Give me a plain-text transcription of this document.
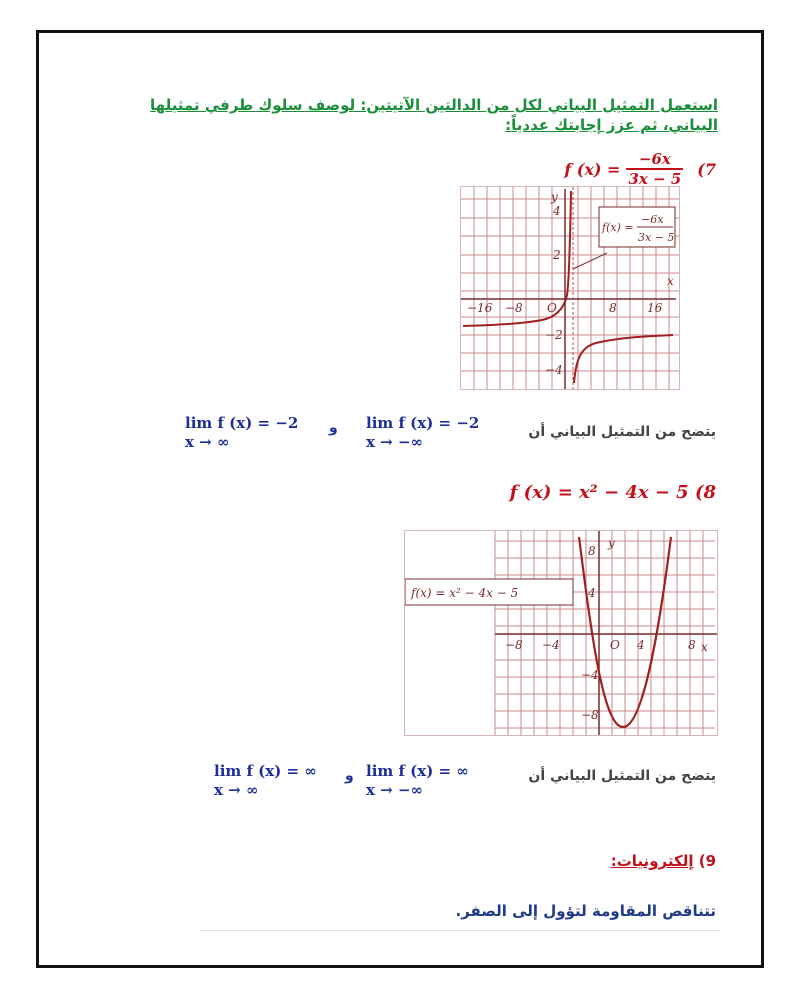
استعمل التمثيل البياني لكل من الدالتين الآتيتين: لوصف سلوك طرفي تمثيلها البياني، ثم عزز إجابتك عددياً:
f $(x) = \frac{-6x}{3x - 5} (7$
−16 −8 O	8	16
4
2
−2
−4
x
y
f(x) =
−6x
3x − 5
يتضح من التمثيل البياني أن
lim f (x) = −2
x → −∞
و
lim f (x) = −2
x → ∞
f (x) = x² − 4x − 5 (8
−8 −4	O 4	8
8
4
−4
−8
x
y
f(x) = x² − 4x − 5
يتضح من التمثيل البياني أن
lim f (x) = ∞
x → −∞
و
lim f (x) = ∞
x → ∞
9) إلكترونيات:
تتناقص المقاومة لتؤول إلى الصفر.
